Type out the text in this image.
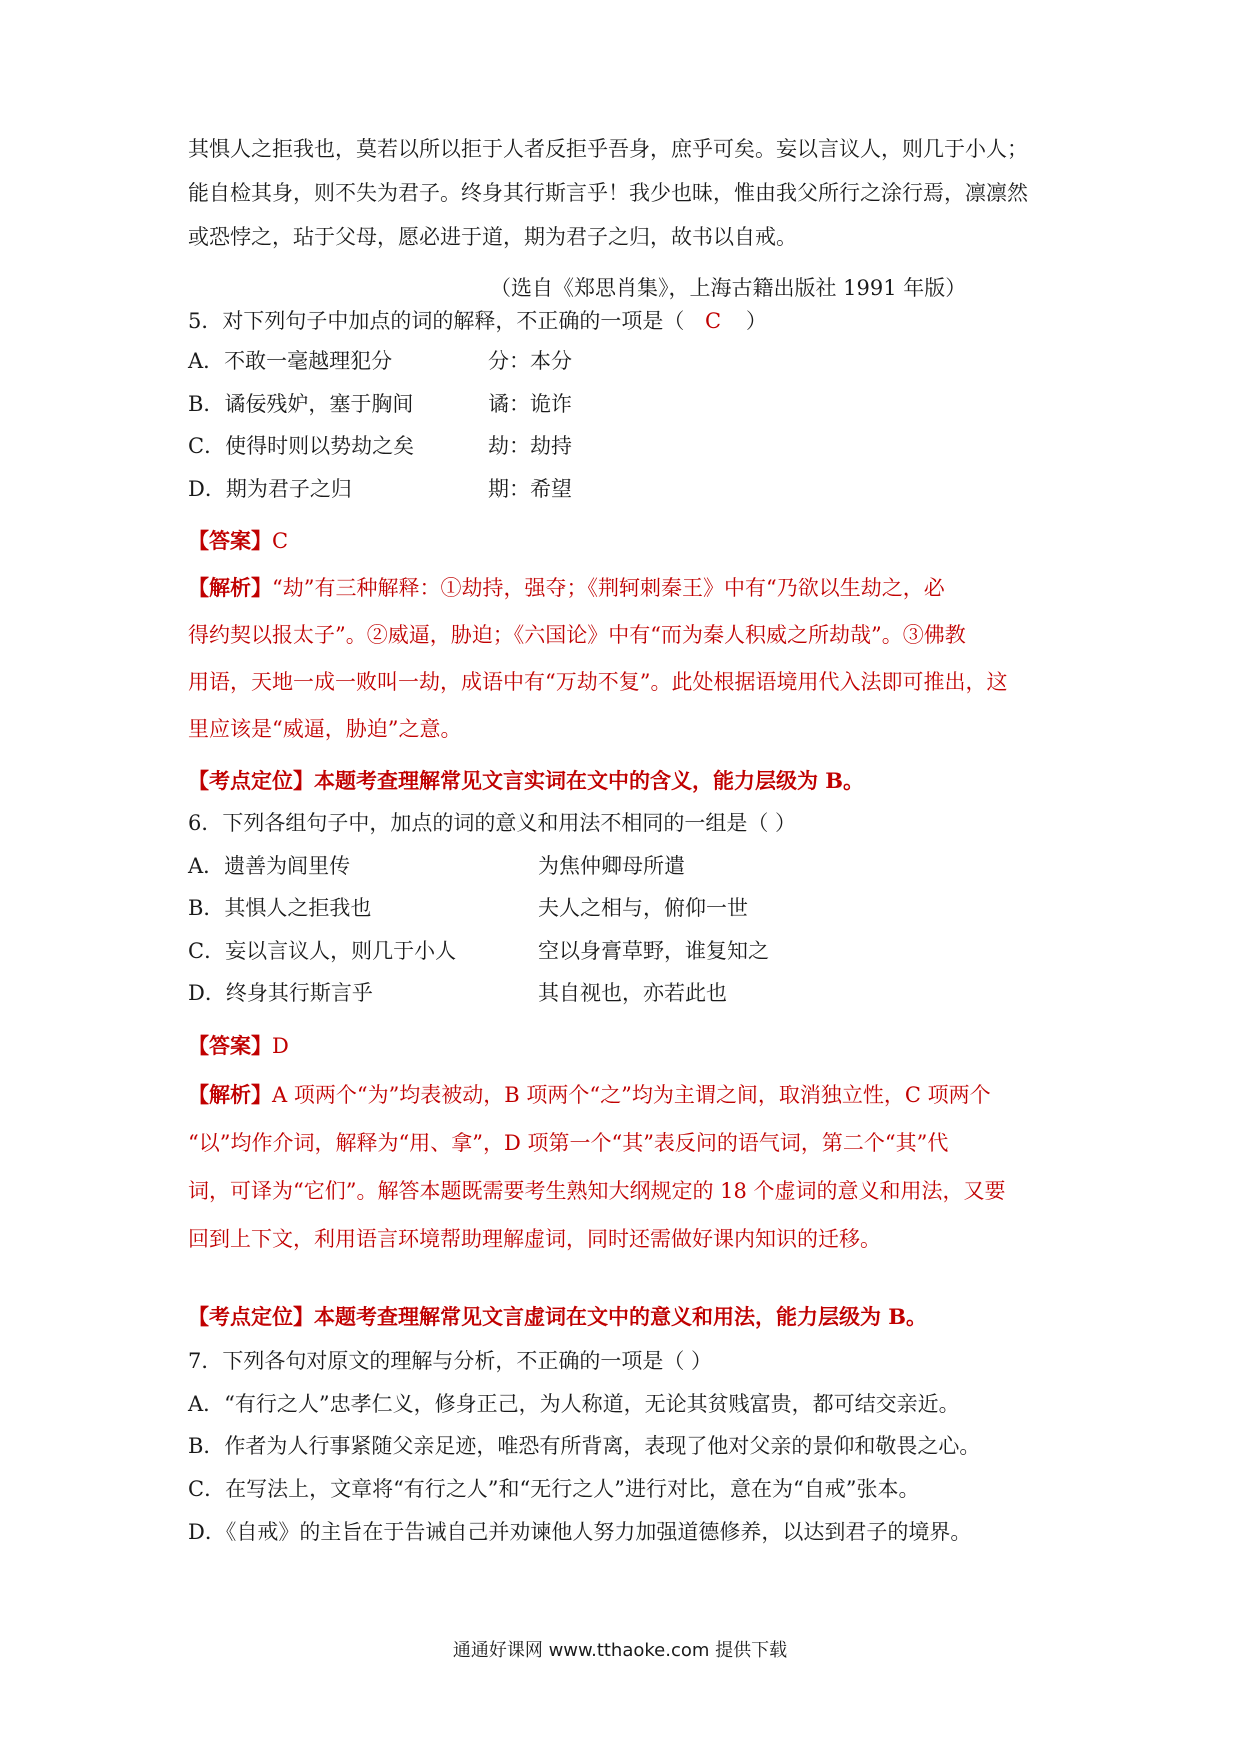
其惧人之拒我也，莫若以所以拒于人者反拒乎吾身，庶乎可矣。妄以言议人，则几于小人；
能自检其身，则不失为君子。终身其行斯言乎！我少也昧，惟由我父所行之涂行焉，凛凛然
或恐悖之，玷于父母，愿必进于道，期为君子之归，故书以自戒。
（选自《郑思肖集》，上海古籍出版社 1991 年版）
5．对下列句子中加点的词的解释，不正确的一项是（ C ）
A．不敢一毫越理犯分	分：本分
B．谲佞残妒，塞于胸间	谲：诡诈
C．使得时则以势劫之矣	劫：劫持
D．期为君子之归	期：希望
【答案】C
【解析】“劫”有三种解释：①劫持，强夺；《荆轲刺秦王》中有“乃欲以生劫之，必
得约契以报太子”。②威逼，胁迫；《六国论》中有“而为秦人积威之所劫哉”。③佛教
用语，天地一成一败叫一劫，成语中有“万劫不复”。此处根据语境用代入法即可推出，这
里应该是“威逼，胁迫”之意。
【考点定位】本题考查理解常见文言实词在文中的含义，能力层级为 B。
6．下列各组句子中，加点的词的意义和用法不相同的一组是（ ）
A．遗善为闾里传	为焦仲卿母所遣
B．其惧人之拒我也	夫人之相与，俯仰一世
C．妄以言议人，则几于小人	空以身膏草野，谁复知之
D．终身其行斯言乎	其自视也，亦若此也
【答案】D
【解析】A 项两个“为”均表被动，B 项两个“之”均为主谓之间，取消独立性，C 项两个
“以”均作介词，解释为“用、拿”，D 项第一个“其”表反问的语气词，第二个“其”代
词，可译为“它们”。解答本题既需要考生熟知大纲规定的 18 个虚词的意义和用法，又要
回到上下文，利用语言环境帮助理解虚词，同时还需做好课内知识的迁移。
【考点定位】本题考查理解常见文言虚词在文中的意义和用法，能力层级为 B。
7．下列各句对原文的理解与分析，不正确的一项是（ ）
A．“有行之人”忠孝仁义，修身正己，为人称道，无论其贫贱富贵，都可结交亲近。
B．作者为人行事紧随父亲足迹，唯恐有所背离，表现了他对父亲的景仰和敬畏之心。
C．在写法上，文章将“有行之人”和“无行之人”进行对比，意在为“自戒”张本。
D．《自戒》的主旨在于告诫自己并劝谏他人努力加强道德修养，以达到君子的境界。
通通好课网 www.tthaoke.com 提供下载
